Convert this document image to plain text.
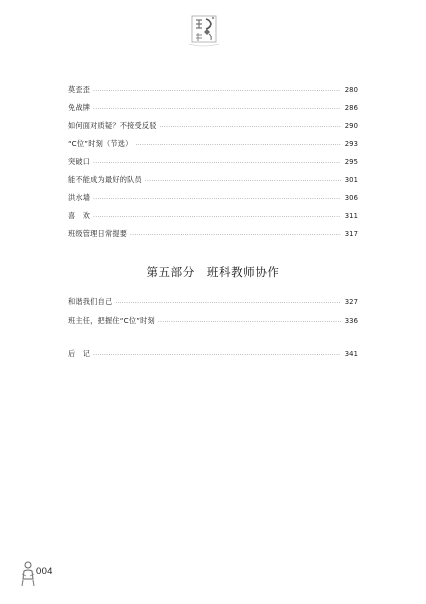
莫歪歪 ·····	280
免战牌 ·····	286
如何面对质疑？不接受反驳 ·····	290
“C位”时刻（节选） ·····	293
突破口 ·····	295
能不能成为最好的队员 ·····	301
洪水墙 ·····	306
喜　欢 ·····	311
班级管理日常提要 ·····	317
第五部分　班科教师协作
和谐我们自己 ·····	327
班主任，把握住“C位”时刻 ·····	336
后　记 ·····	341
004
